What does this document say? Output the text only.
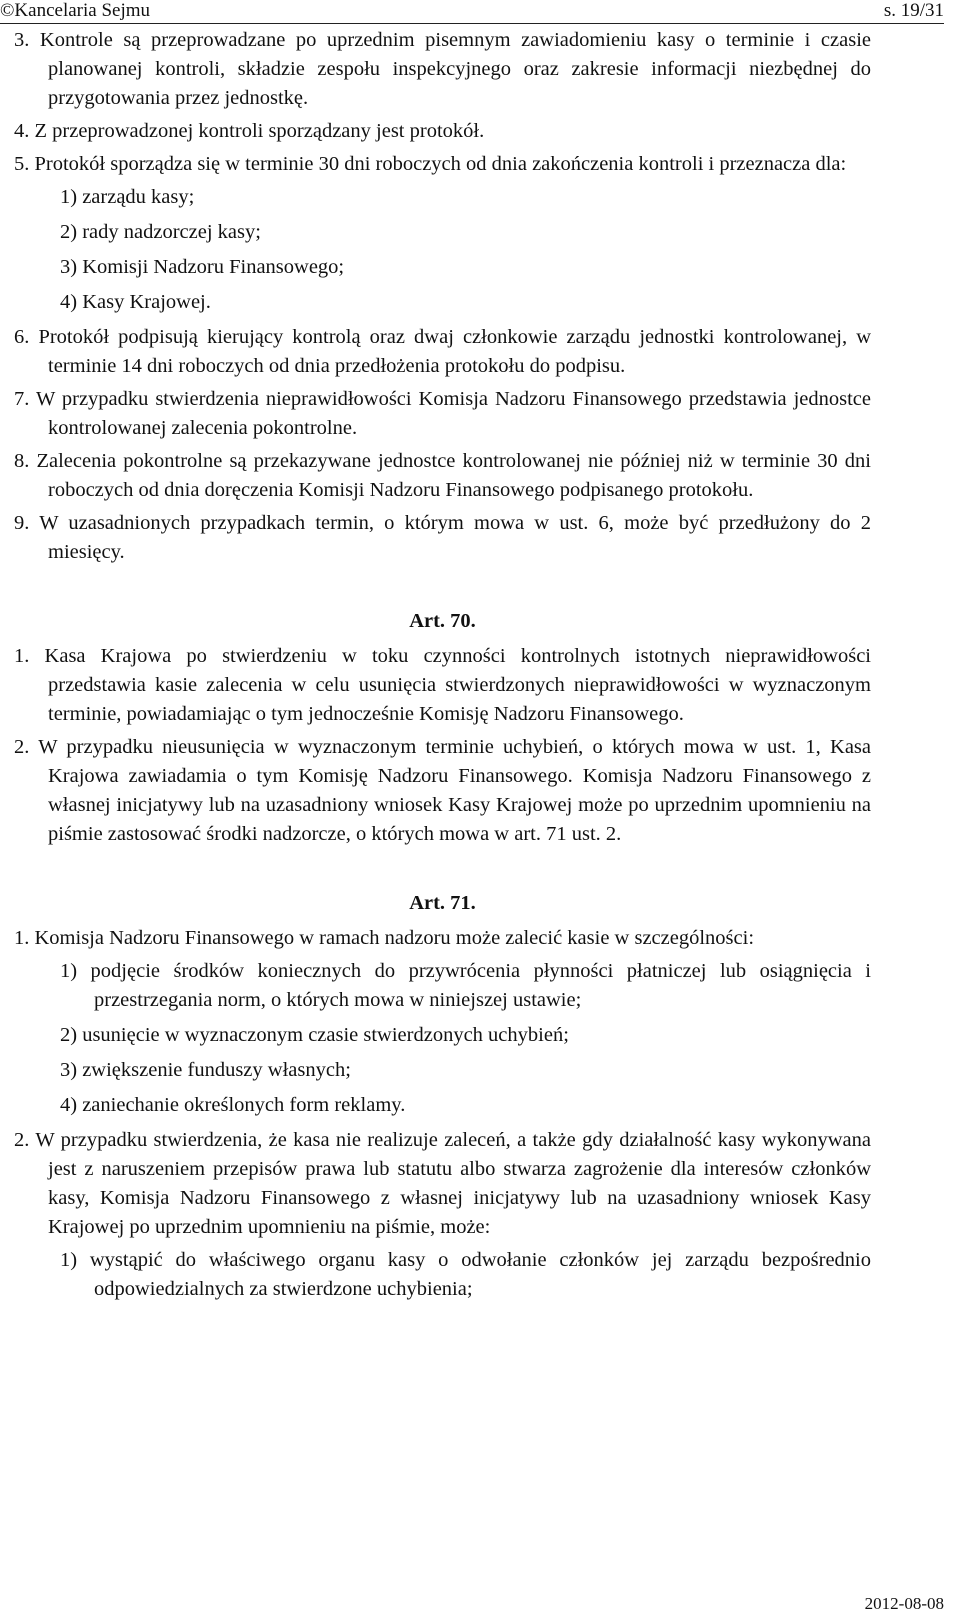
©Kancelaria Sejmu	s. 19/31
3. Kontrole są przeprowadzane po uprzednim pisemnym zawiadomieniu kasy o terminie i czasie planowanej kontroli, składzie zespołu inspekcyjnego oraz zakresie informacji niezbędnej do przygotowania przez jednostkę.
4. Z przeprowadzonej kontroli sporządzany jest protokół.
5. Protokół sporządza się w terminie 30 dni roboczych od dnia zakończenia kontroli i przeznacza dla:
1) zarządu kasy;
2) rady nadzorczej kasy;
3) Komisji Nadzoru Finansowego;
4) Kasy Krajowej.
6. Protokół podpisują kierujący kontrolą oraz dwaj członkowie zarządu jednostki kontrolowanej, w terminie 14 dni roboczych od dnia przedłożenia protokołu do podpisu.
7. W przypadku stwierdzenia nieprawidłowości Komisja Nadzoru Finansowego przedstawia jednostce kontrolowanej zalecenia pokontrolne.
8. Zalecenia pokontrolne są przekazywane jednostce kontrolowanej nie później niż w terminie 30 dni roboczych od dnia doręczenia Komisji Nadzoru Finansowego podpisanego protokołu.
9. W uzasadnionych przypadkach termin, o którym mowa w ust. 6, może być przedłużony do 2 miesięcy.
Art. 70.
1. Kasa Krajowa po stwierdzeniu w toku czynności kontrolnych istotnych nieprawidłowości przedstawia kasie zalecenia w celu usunięcia stwierdzonych nieprawidłowości w wyznaczonym terminie, powiadamiając o tym jednocześnie Komisję Nadzoru Finansowego.
2. W przypadku nieusunięcia w wyznaczonym terminie uchybień, o których mowa w ust. 1, Kasa Krajowa zawiadamia o tym Komisję Nadzoru Finansowego. Komisja Nadzoru Finansowego z własnej inicjatywy lub na uzasadniony wniosek Kasy Krajowej może po uprzednim upomnieniu na piśmie zastosować środki nadzorcze, o których mowa w art. 71 ust. 2.
Art. 71.
1. Komisja Nadzoru Finansowego w ramach nadzoru może zalecić kasie w szczególności:
1) podjęcie środków koniecznych do przywrócenia płynności płatniczej lub osiągnięcia i przestrzegania norm, o których mowa w niniejszej ustawie;
2) usunięcie w wyznaczonym czasie stwierdzonych uchybień;
3) zwiększenie funduszy własnych;
4) zaniechanie określonych form reklamy.
2. W przypadku stwierdzenia, że kasa nie realizuje zaleceń, a także gdy działalność kasy wykonywana jest z naruszeniem przepisów prawa lub statutu albo stwarza zagrożenie dla interesów członków kasy, Komisja Nadzoru Finansowego z własnej inicjatywy lub na uzasadniony wniosek Kasy Krajowej po uprzednim upomnieniu na piśmie, może:
1) wystąpić do właściwego organu kasy o odwołanie członków jej zarządu bezpośrednio odpowiedzialnych za stwierdzone uchybienia;
2012-08-08
